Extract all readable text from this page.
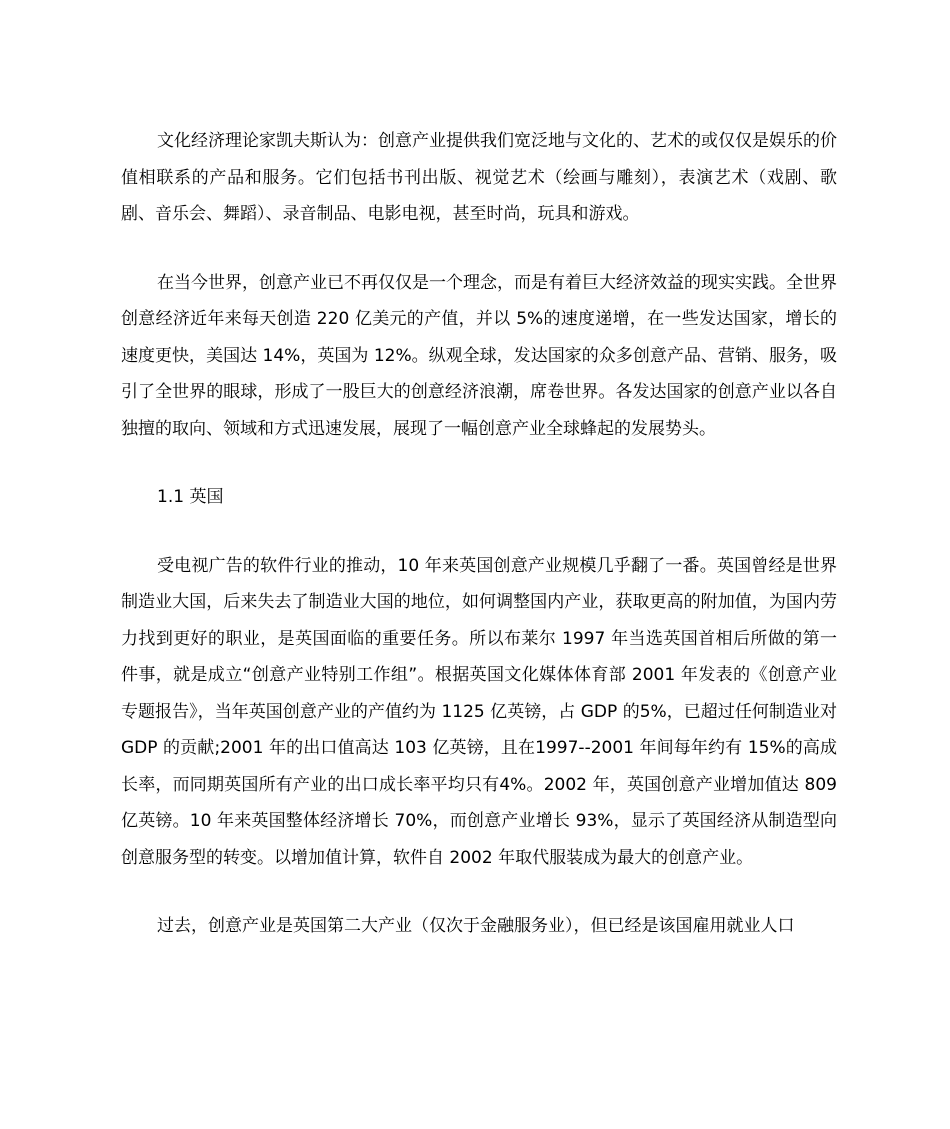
文化经济理论家凯夫斯认为：创意产业提供我们宽泛地与文化的、艺术的或仅仅是娱乐的价值相联系的产品和服务。它们包括书刊出版、视觉艺术（绘画与雕刻），表演艺术（戏剧、歌剧、音乐会、舞蹈）、录音制品、电影电视，甚至时尚，玩具和游戏。

在当今世界，创意产业已不再仅仅是一个理念，而是有着巨大经济效益的现实实践。全世界创意经济近年来每天创造 220 亿美元的产值，并以 5%的速度递增，在一些发达国家，增长的速度更快，美国达 14%，英国为 12%。纵观全球，发达国家的众多创意产品、营销、服务，吸引了全世界的眼球，形成了一股巨大的创意经济浪潮，席卷世界。各发达国家的创意产业以各自独擅的取向、领域和方式迅速发展，展现了一幅创意产业全球蜂起的发展势头。

1.1 英国

受电视广告的软件行业的推动，10 年来英国创意产业规模几乎翻了一番。英国曾经是世界制造业大国，后来失去了制造业大国的地位，如何调整国内产业，获取更高的附加值，为国内劳力找到更好的职业，是英国面临的重要任务。所以布莱尔 1997 年当选英国首相后所做的第一件事，就是成立“创意产业特别工作组”。根据英国文化媒体体育部 2001 年发表的《创意产业专题报告》，当年英国创意产业的产值约为 1125 亿英镑，占 GDP 的5%，已超过任何制造业对 GDP 的贡献;2001 年的出口值高达 103 亿英镑，且在1997--2001 年间每年约有 15%的高成长率，而同期英国所有产业的出口成长率平均只有4%。2002 年，英国创意产业增加值达 809 亿英镑。10 年来英国整体经济增长 70%，而创意产业增长 93%，显示了英国经济从制造型向创意服务型的转变。以增加值计算，软件自 2002 年取代服装成为最大的创意产业。

过去，创意产业是英国第二大产业（仅次于金融服务业），但已经是该国雇用就业人口
